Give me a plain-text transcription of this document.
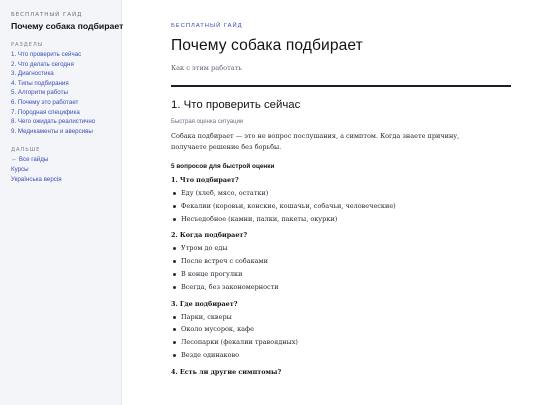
БЕСПЛАТНЫЙ ГАЙД
Почему собака подбирает
РАЗДЕЛЫ
1. Что проверить сейчас
2. Что делать сегодня
3. Диагностика
4. Типы подбирания
5. Алгоритм работы
6. Почему это работает
7. Породная специфика
8. Чего ожидать реалистично
9. Медикаменты и аверсивы
ДАЛЬШЕ
← Все гайды
Курсы
Українська версія
БЕСПЛАТНЫЙ ГАЙД
Почему собака подбирает
Как с этим работать
1. Что проверить сейчас
Быстрая оценка ситуации
Собака подбирает — это не вопрос послушания, а симптом. Когда знаете причину, получаете решение без борьбы.
5 вопросов для быстрой оценки
1. Что подбирает?
Еду (хлеб, мясо, остатки)
Фекалии (коровьи, конские, кошачьи, собачьи, человеческие)
Несъедобное (камни, палки, пакеты, окурки)
2. Когда подбирает?
Утром до еды
После встреч с собаками
В конце прогулки
Всегда, без закономерности
3. Где подбирает?
Парки, скверы
Около мусорок, кафе
Лесопарки (фекалии травоядных)
Везде одинаково
4. Есть ли другие симптомы?
